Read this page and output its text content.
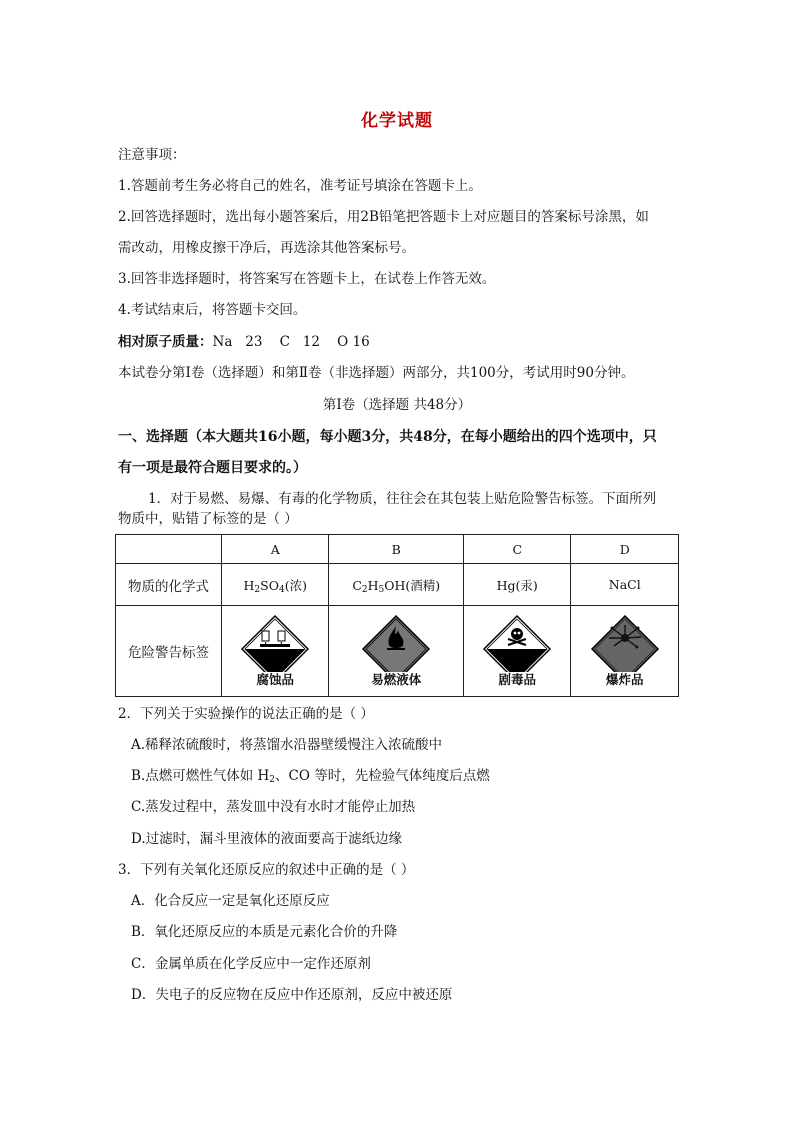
化学试题
注意事项：
1.答题前考生务必将自己的姓名，准考证号填涂在答题卡上。
2.回答选择题时，选出每小题答案后，用2B铅笔把答题卡上对应题目的答案标号涂黑，如
需改动，用橡皮擦干净后，再选涂其他答案标号。
3.回答非选择题时，将答案写在答题卡上，在试卷上作答无效。
4.考试结束后，将答题卡交回。
相对原子质量：Na   23    C   12    O 16
本试卷分第Ⅰ卷（选择题）和第Ⅱ卷（非选择题）两部分，共100分，考试用时90分钟。
第Ⅰ卷（选择题 共48分）
一、选择题（本大题共16小题，每小题3分，共48分，在每小题给出的四个选项中，只
有一项是最符合题目要求的。）
1．对于易燃、易爆、有毒的化学物质，往往会在其包装上贴危险警告标签。下面所列
物质中，贴错了标签的是（ ）
	A	B	C	D
物质的化学式	$H_2SO_4$(浓)	$C_2H_5OH$(酒精)	Hg(汞)	NaCl
危险警告标签	腐蚀品	易燃液体	剧毒品	爆炸品
2．下列关于实验操作的说法正确的是（ ）
A.稀释浓硫酸时，将蒸馏水沿器壁缓慢注入浓硫酸中
B.点燃可燃性气体如 $H_2$、CO 等时，先检验气体纯度后点燃
C.蒸发过程中，蒸发皿中没有水时才能停止加热
D.过滤时，漏斗里液体的液面要高于滤纸边缘
3．下列有关氧化还原反应的叙述中正确的是（ ）
A．化合反应一定是氧化还原反应
B．氧化还原反应的本质是元素化合价的升降
C．金属单质在化学反应中一定作还原剂
D．失电子的反应物在反应中作还原剂，反应中被还原
